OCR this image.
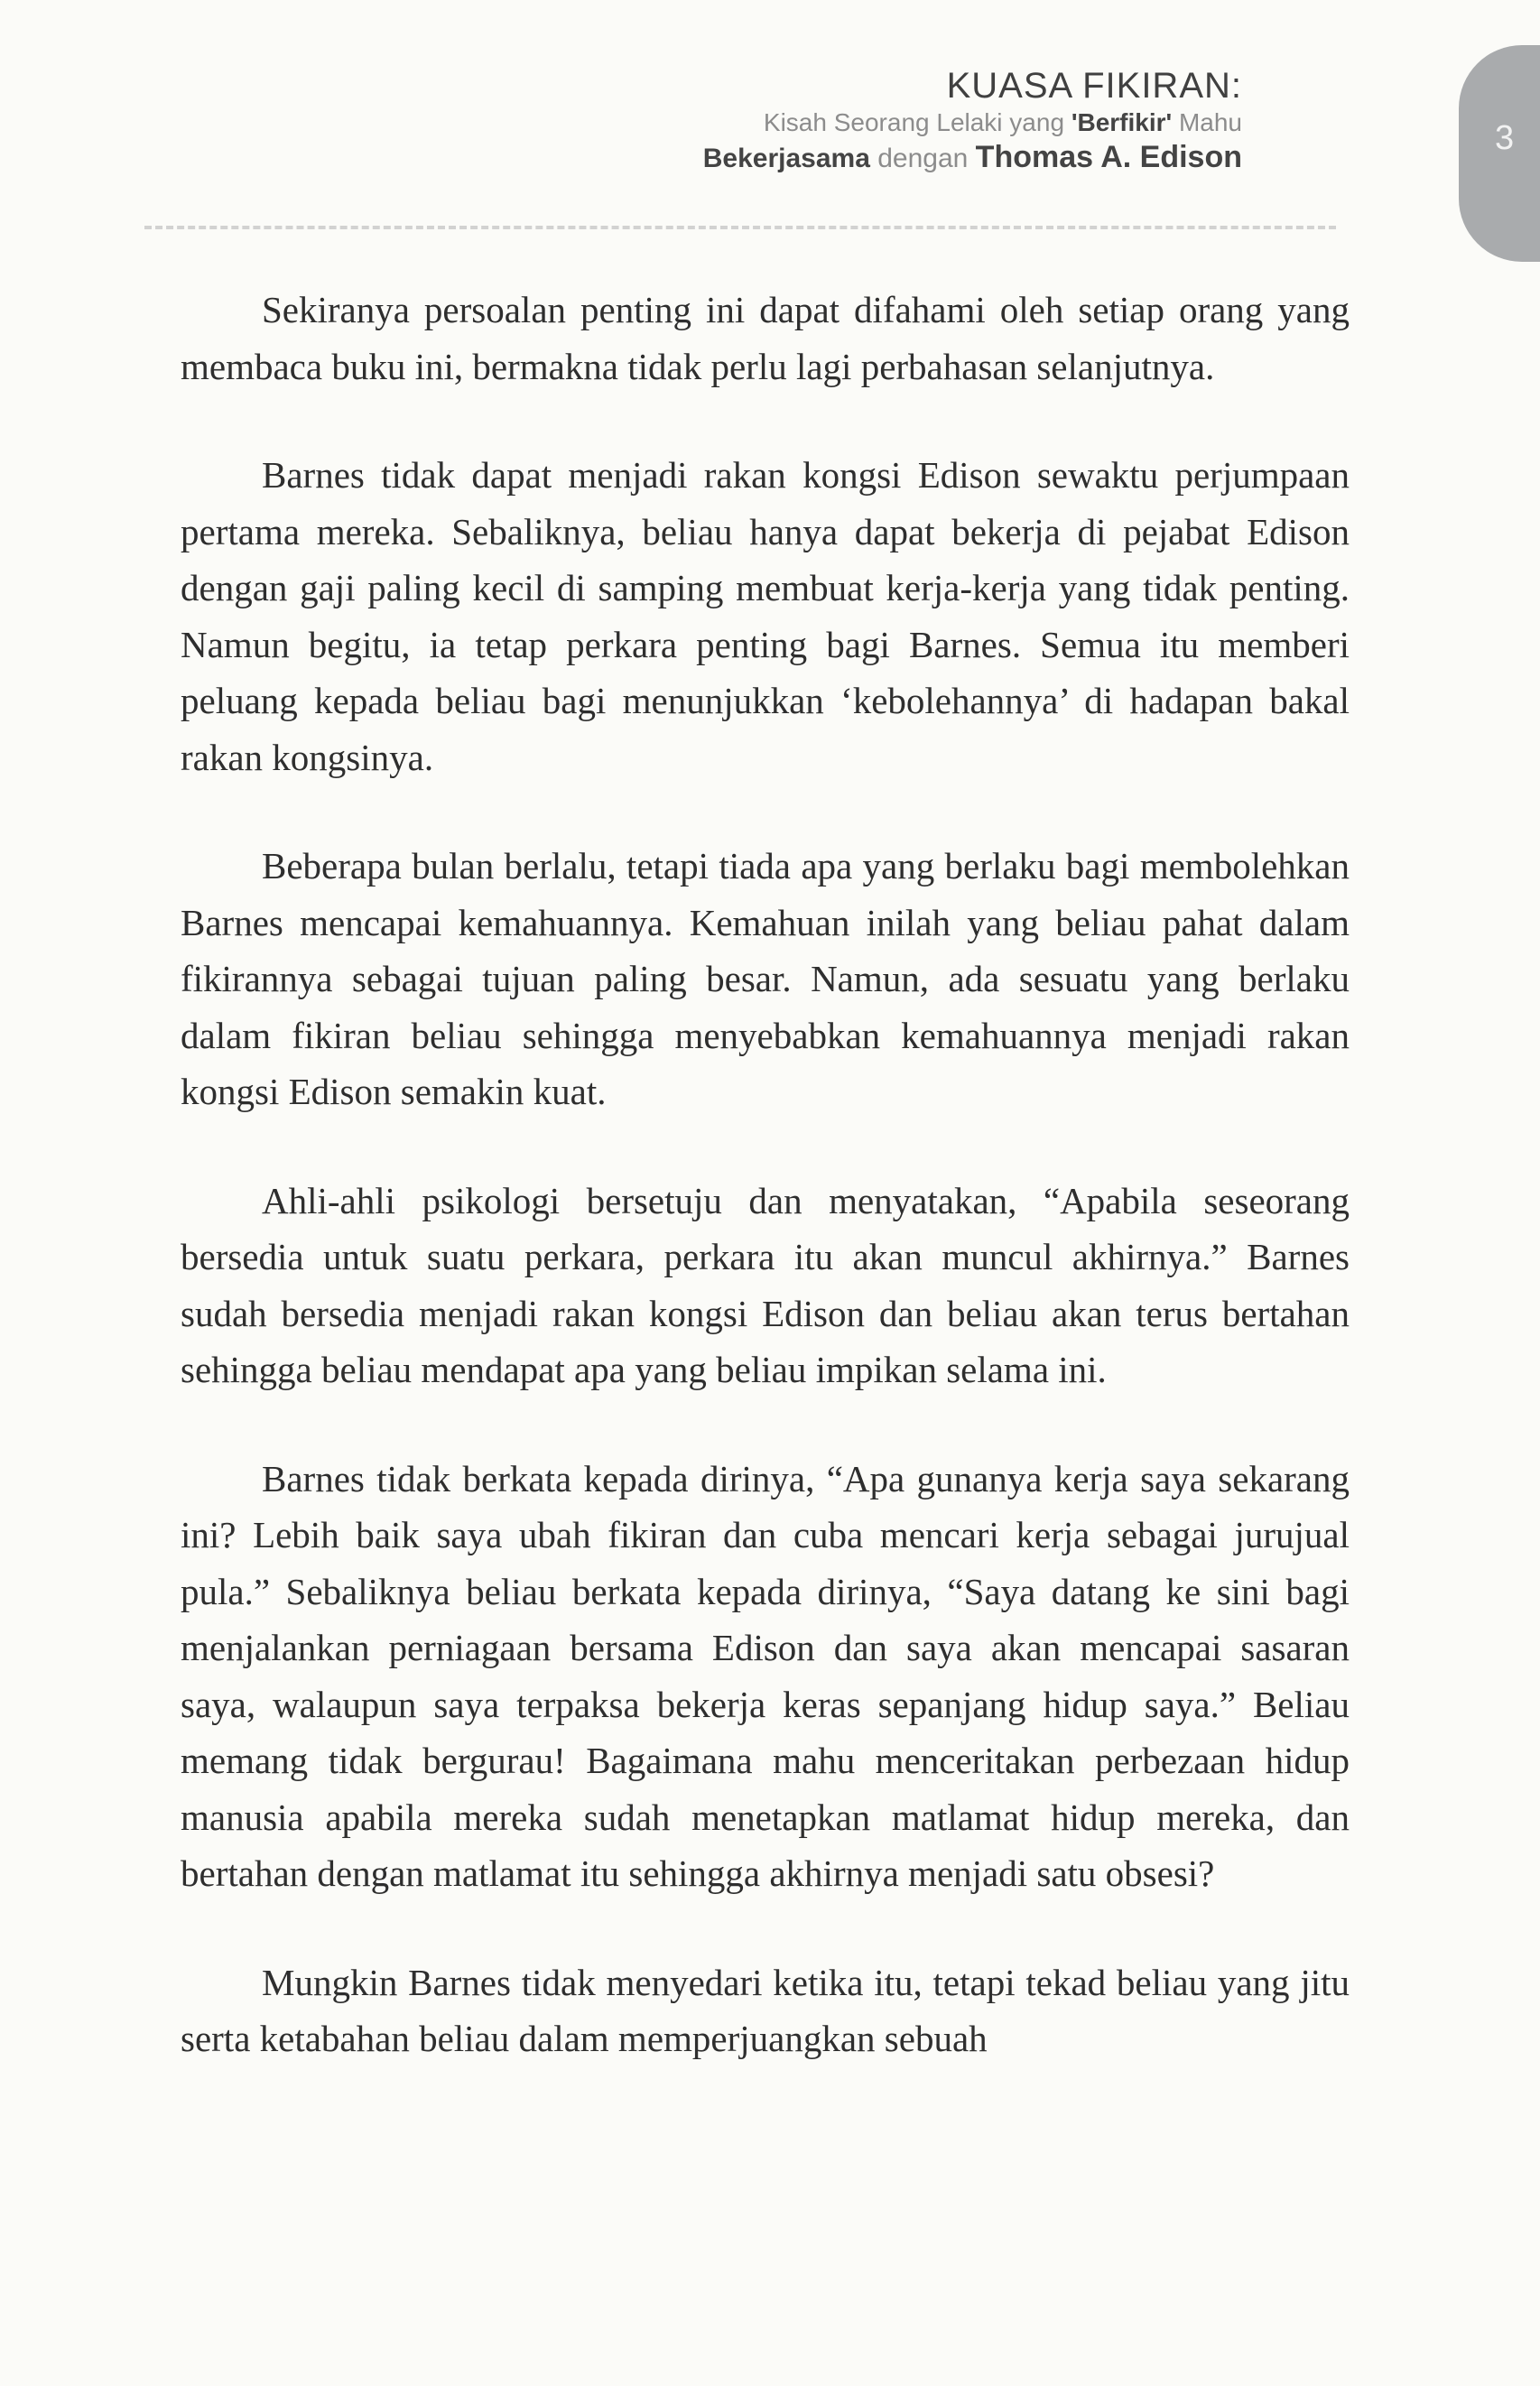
KUASA FIKIRAN:
Kisah Seorang Lelaki yang 'Berfikir' Mahu
Bekerjasama dengan Thomas A. Edison	3

Sekiranya persoalan penting ini dapat difahami oleh setiap orang yang membaca buku ini, bermakna tidak perlu lagi perbahasan selanjutnya.

Barnes tidak dapat menjadi rakan kongsi Edison sewaktu perjumpaan pertama mereka. Sebaliknya, beliau hanya dapat bekerja di pejabat Edison dengan gaji paling kecil di samping membuat kerja-kerja yang tidak penting. Namun begitu, ia tetap perkara penting bagi Barnes. Semua itu memberi peluang kepada beliau bagi menunjukkan ‘kebolehannya’ di hadapan bakal rakan kongsinya.

Beberapa bulan berlalu, tetapi tiada apa yang berlaku bagi membolehkan Barnes mencapai kemahuannya. Kemahuan inilah yang beliau pahat dalam fikirannya sebagai tujuan paling besar. Namun, ada sesuatu yang berlaku dalam fikiran beliau sehingga menyebabkan kemahuannya menjadi rakan kongsi Edison semakin kuat.

Ahli-ahli psikologi bersetuju dan menyatakan, “Apabila seseorang bersedia untuk suatu perkara, perkara itu akan muncul akhirnya.” Barnes sudah bersedia menjadi rakan kongsi Edison dan beliau akan terus bertahan sehingga beliau mendapat apa yang beliau impikan selama ini.

Barnes tidak berkata kepada dirinya, “Apa gunanya kerja saya sekarang ini? Lebih baik saya ubah fikiran dan cuba mencari kerja sebagai jurujual pula.” Sebaliknya beliau berkata kepada dirinya, “Saya datang ke sini bagi menjalankan perniagaan bersama Edison dan saya akan mencapai sasaran saya, walaupun saya terpaksa bekerja keras sepanjang hidup saya.” Beliau memang tidak bergurau! Bagaimana mahu menceritakan perbezaan hidup manusia apabila mereka sudah menetapkan matlamat hidup mereka, dan bertahan dengan matlamat itu sehingga akhirnya menjadi satu obsesi?

Mungkin Barnes tidak menyedari ketika itu, tetapi tekad beliau yang jitu serta ketabahan beliau dalam memperjuangkan sebuah
